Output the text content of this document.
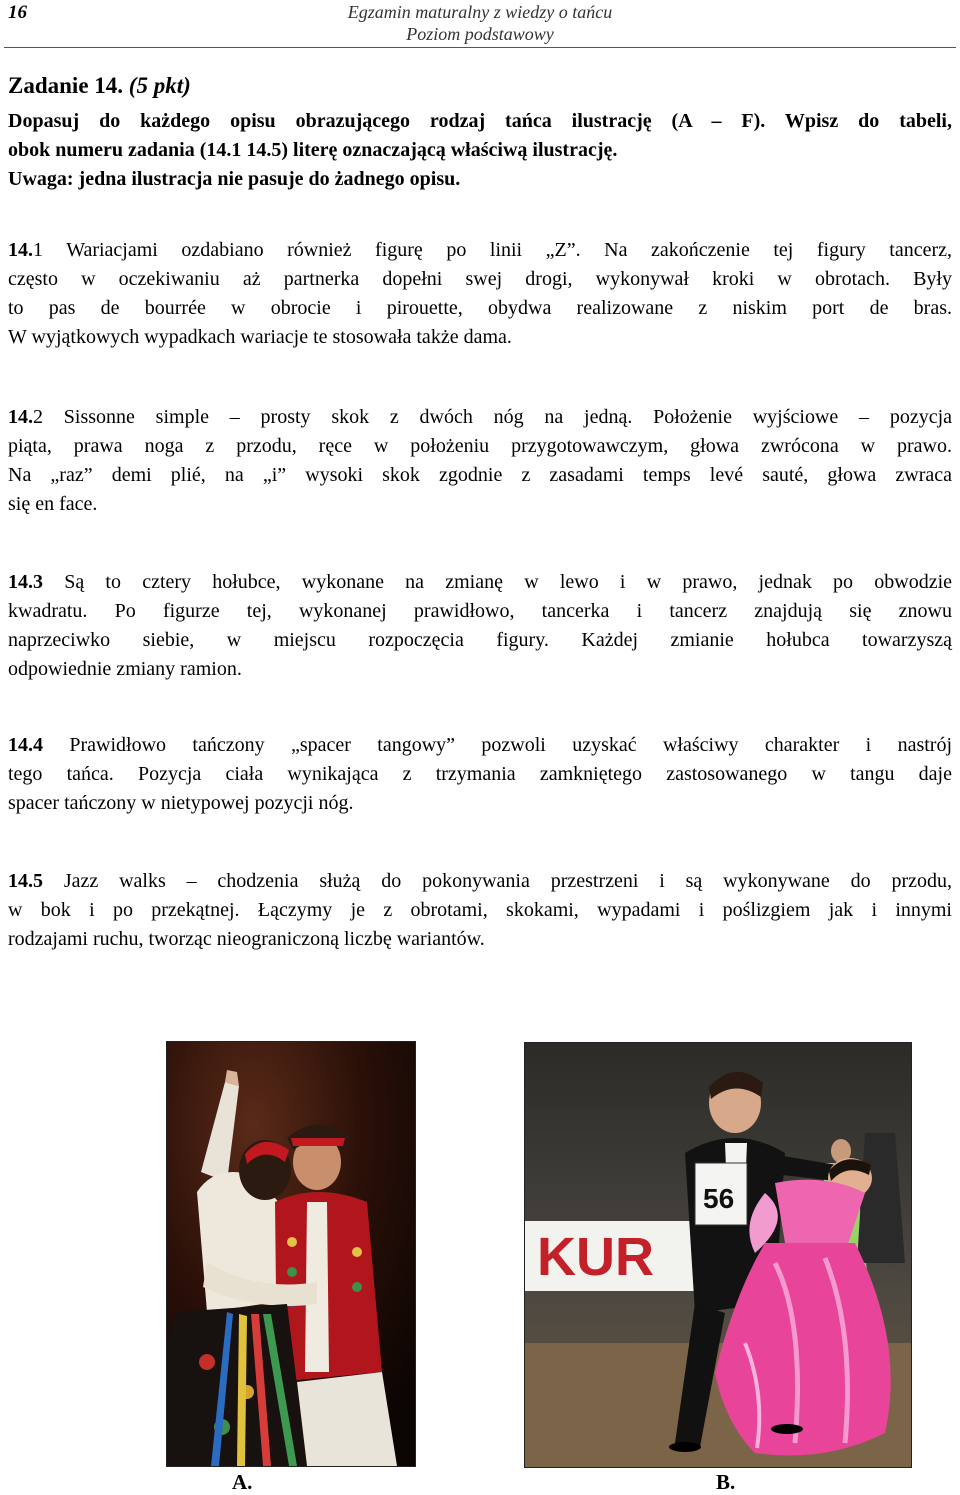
16	Egzamin maturalny z wiedzy o tańcu
Poziom podstawowy
Zadanie 14. (5 pkt)
Dopasuj do każdego opisu obrazującego rodzaj tańca ilustrację (A – F). Wpisz do tabeli,
obok numeru zadania (14.1 14.5) literę oznaczającą właściwą ilustrację.
Uwaga: jedna ilustracja nie pasuje do żadnego opisu.
14.1 Wariacjami ozdabiano również figurę po linii „Z”. Na zakończenie tej figury tancerz,
często w oczekiwaniu aż partnerka dopełni swej drogi, wykonywał kroki w obrotach. Były
to pas de bourrée w obrocie i pirouette, obydwa realizowane z niskim port de bras.
W wyjątkowych wypadkach wariacje te stosowała także dama.
14.2 Sissonne simple – prosty skok z dwóch nóg na jedną. Położenie wyjściowe – pozycja
piąta, prawa noga z przodu, ręce w położeniu przygotowawczym, głowa zwrócona w prawo.
Na „raz” demi plié, na „i” wysoki skok zgodnie z zasadami temps levé sauté, głowa zwraca
się en face.
14.3 Są to cztery hołubce, wykonane na zmianę w lewo i w prawo, jednak po obwodzie
kwadratu. Po figurze tej, wykonanej prawidłowo, tancerka i tancerz znajdują się znowu
naprzeciwko siebie, w miejscu rozpoczęcia figury. Każdej zmianie hołubca towarzyszą
odpowiednie zmiany ramion.
14.4 Prawidłowo tańczony „spacer tangowy” pozwoli uzyskać właściwy charakter i nastrój
tego tańca. Pozycja ciała wynikająca z trzymania zamkniętego zastosowanego w tangu daje
spacer tańczony w nietypowej pozycji nóg.
14.5 Jazz walks – chodzenia służą do pokonywania przestrzeni i są wykonywane do przodu,
w bok i po przekątnej. Łączymy je z obrotami, skokami, wypadami i poślizgiem jak i innymi
rodzajami ruchu, tworząc nieograniczoną liczbę wariantów.
KUR
56
A.	B.
